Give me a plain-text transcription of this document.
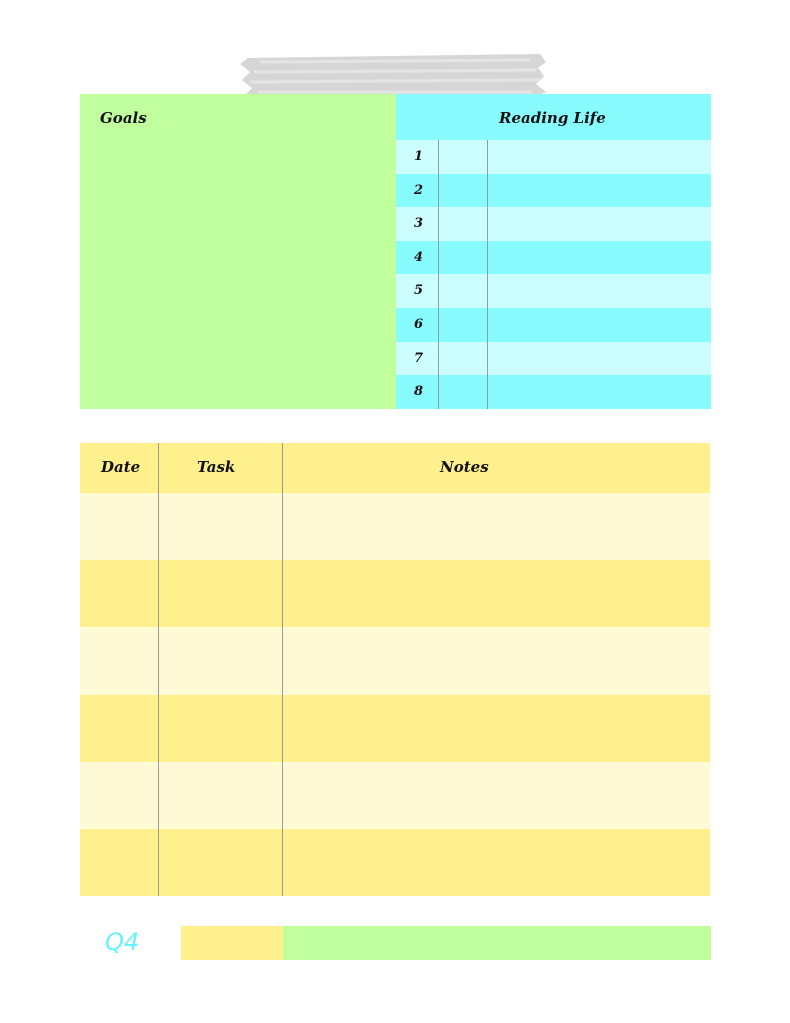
Goals	Reading Life
1
2
3
4
5
6
7
8
Date	Task	Notes
Q4
